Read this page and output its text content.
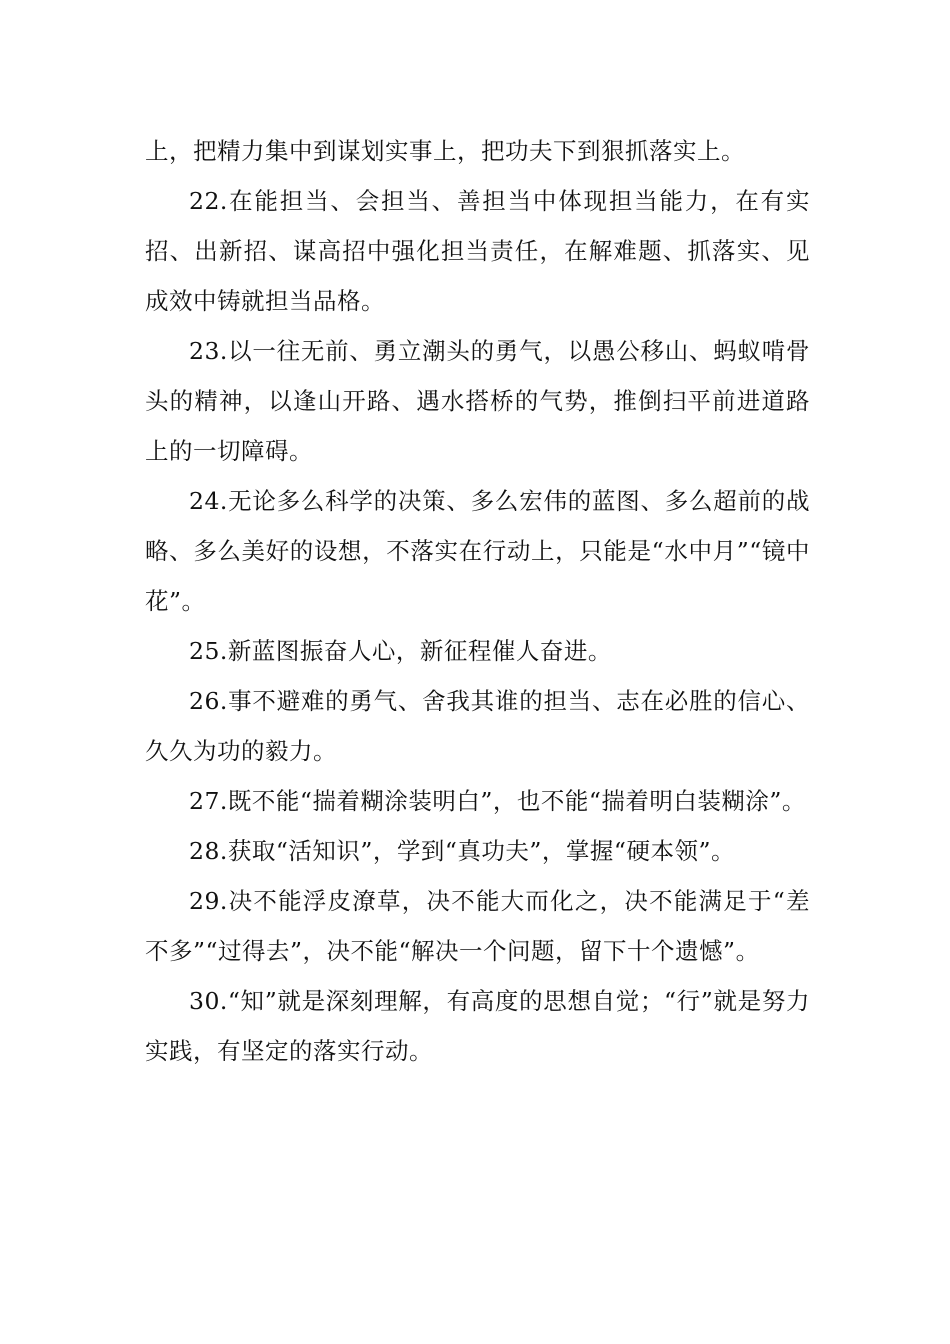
上，把精力集中到谋划实事上，把功夫下到狠抓落实上。

22.在能担当、会担当、善担当中体现担当能力，在有实招、出新招、谋高招中强化担当责任，在解难题、抓落实、见成效中铸就担当品格。

23.以一往无前、勇立潮头的勇气，以愚公移山、蚂蚁啃骨头的精神，以逢山开路、遇水搭桥的气势，推倒扫平前进道路上的一切障碍。

24.无论多么科学的决策、多么宏伟的蓝图、多么超前的战略、多么美好的设想，不落实在行动上，只能是“水中月”“镜中花”。

25.新蓝图振奋人心，新征程催人奋进。

26.事不避难的勇气、舍我其谁的担当、志在必胜的信心、久久为功的毅力。

27.既不能“揣着糊涂装明白”，也不能“揣着明白装糊涂”。

28.获取“活知识”，学到“真功夫”，掌握“硬本领”。

29.决不能浮皮潦草，决不能大而化之，决不能满足于“差不多”“过得去”，决不能“解决一个问题，留下十个遗憾”。

30.“知”就是深刻理解，有高度的思想自觉；“行”就是努力实践，有坚定的落实行动。
